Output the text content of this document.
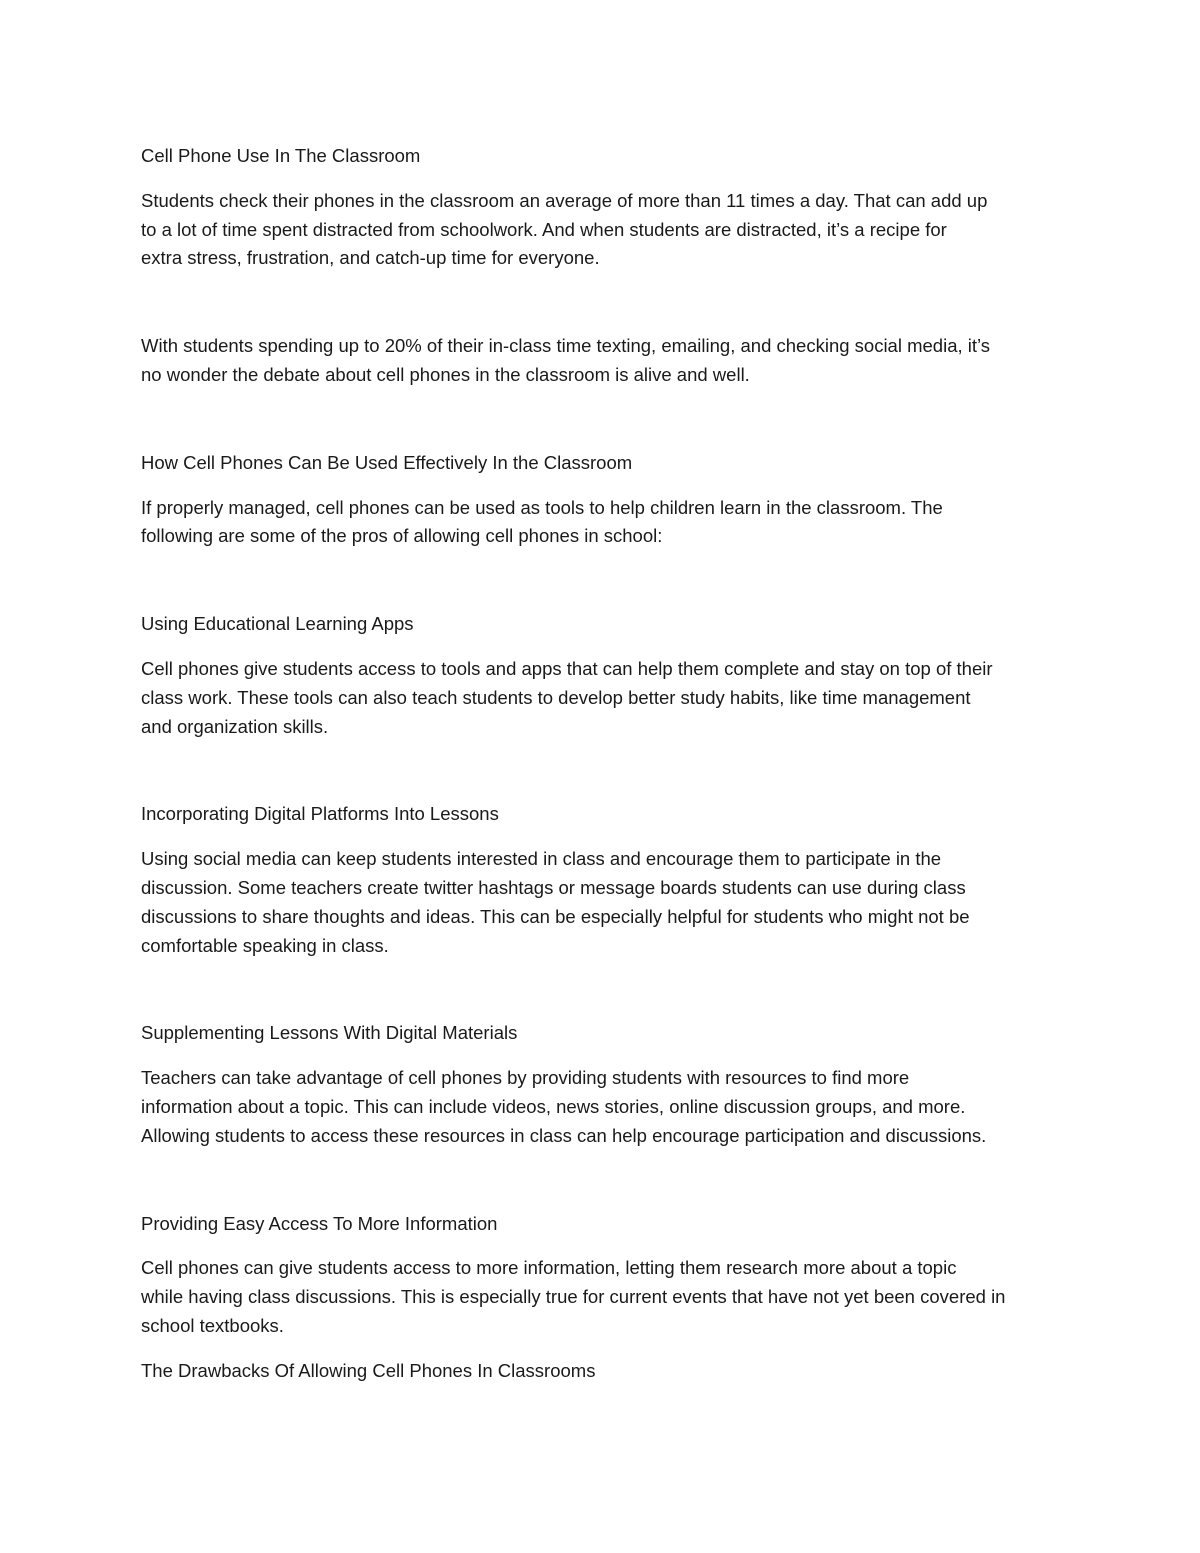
Cell Phone Use In The Classroom

Students check their phones in the classroom an average of more than 11 times a day. That can add up

to a lot of time spent distracted from schoolwork. And when students are distracted, it’s a recipe for

extra stress, frustration, and catch-up time for everyone.

With students spending up to 20% of their in-class time texting, emailing, and checking social media, it’s

no wonder the debate about cell phones in the classroom is alive and well.

How Cell Phones Can Be Used Effectively In the Classroom

If properly managed, cell phones can be used as tools to help children learn in the classroom. The

following are some of the pros of allowing cell phones in school:

Using Educational Learning Apps

Cell phones give students access to tools and apps that can help them complete and stay on top of their

class work. These tools can also teach students to develop better study habits, like time management

and organization skills.

Incorporating Digital Platforms Into Lessons

Using social media can keep students interested in class and encourage them to participate in the

discussion. Some teachers create twitter hashtags or message boards students can use during class

discussions to share thoughts and ideas. This can be especially helpful for students who might not be

comfortable speaking in class.

Supplementing Lessons With Digital Materials

Teachers can take advantage of cell phones by providing students with resources to find more

information about a topic. This can include videos, news stories, online discussion groups, and more.

Allowing students to access these resources in class can help encourage participation and discussions.

Providing Easy Access To More Information

Cell phones can give students access to more information, letting them research more about a topic

while having class discussions. This is especially true for current events that have not yet been covered in

school textbooks.

The Drawbacks Of Allowing Cell Phones In Classrooms
